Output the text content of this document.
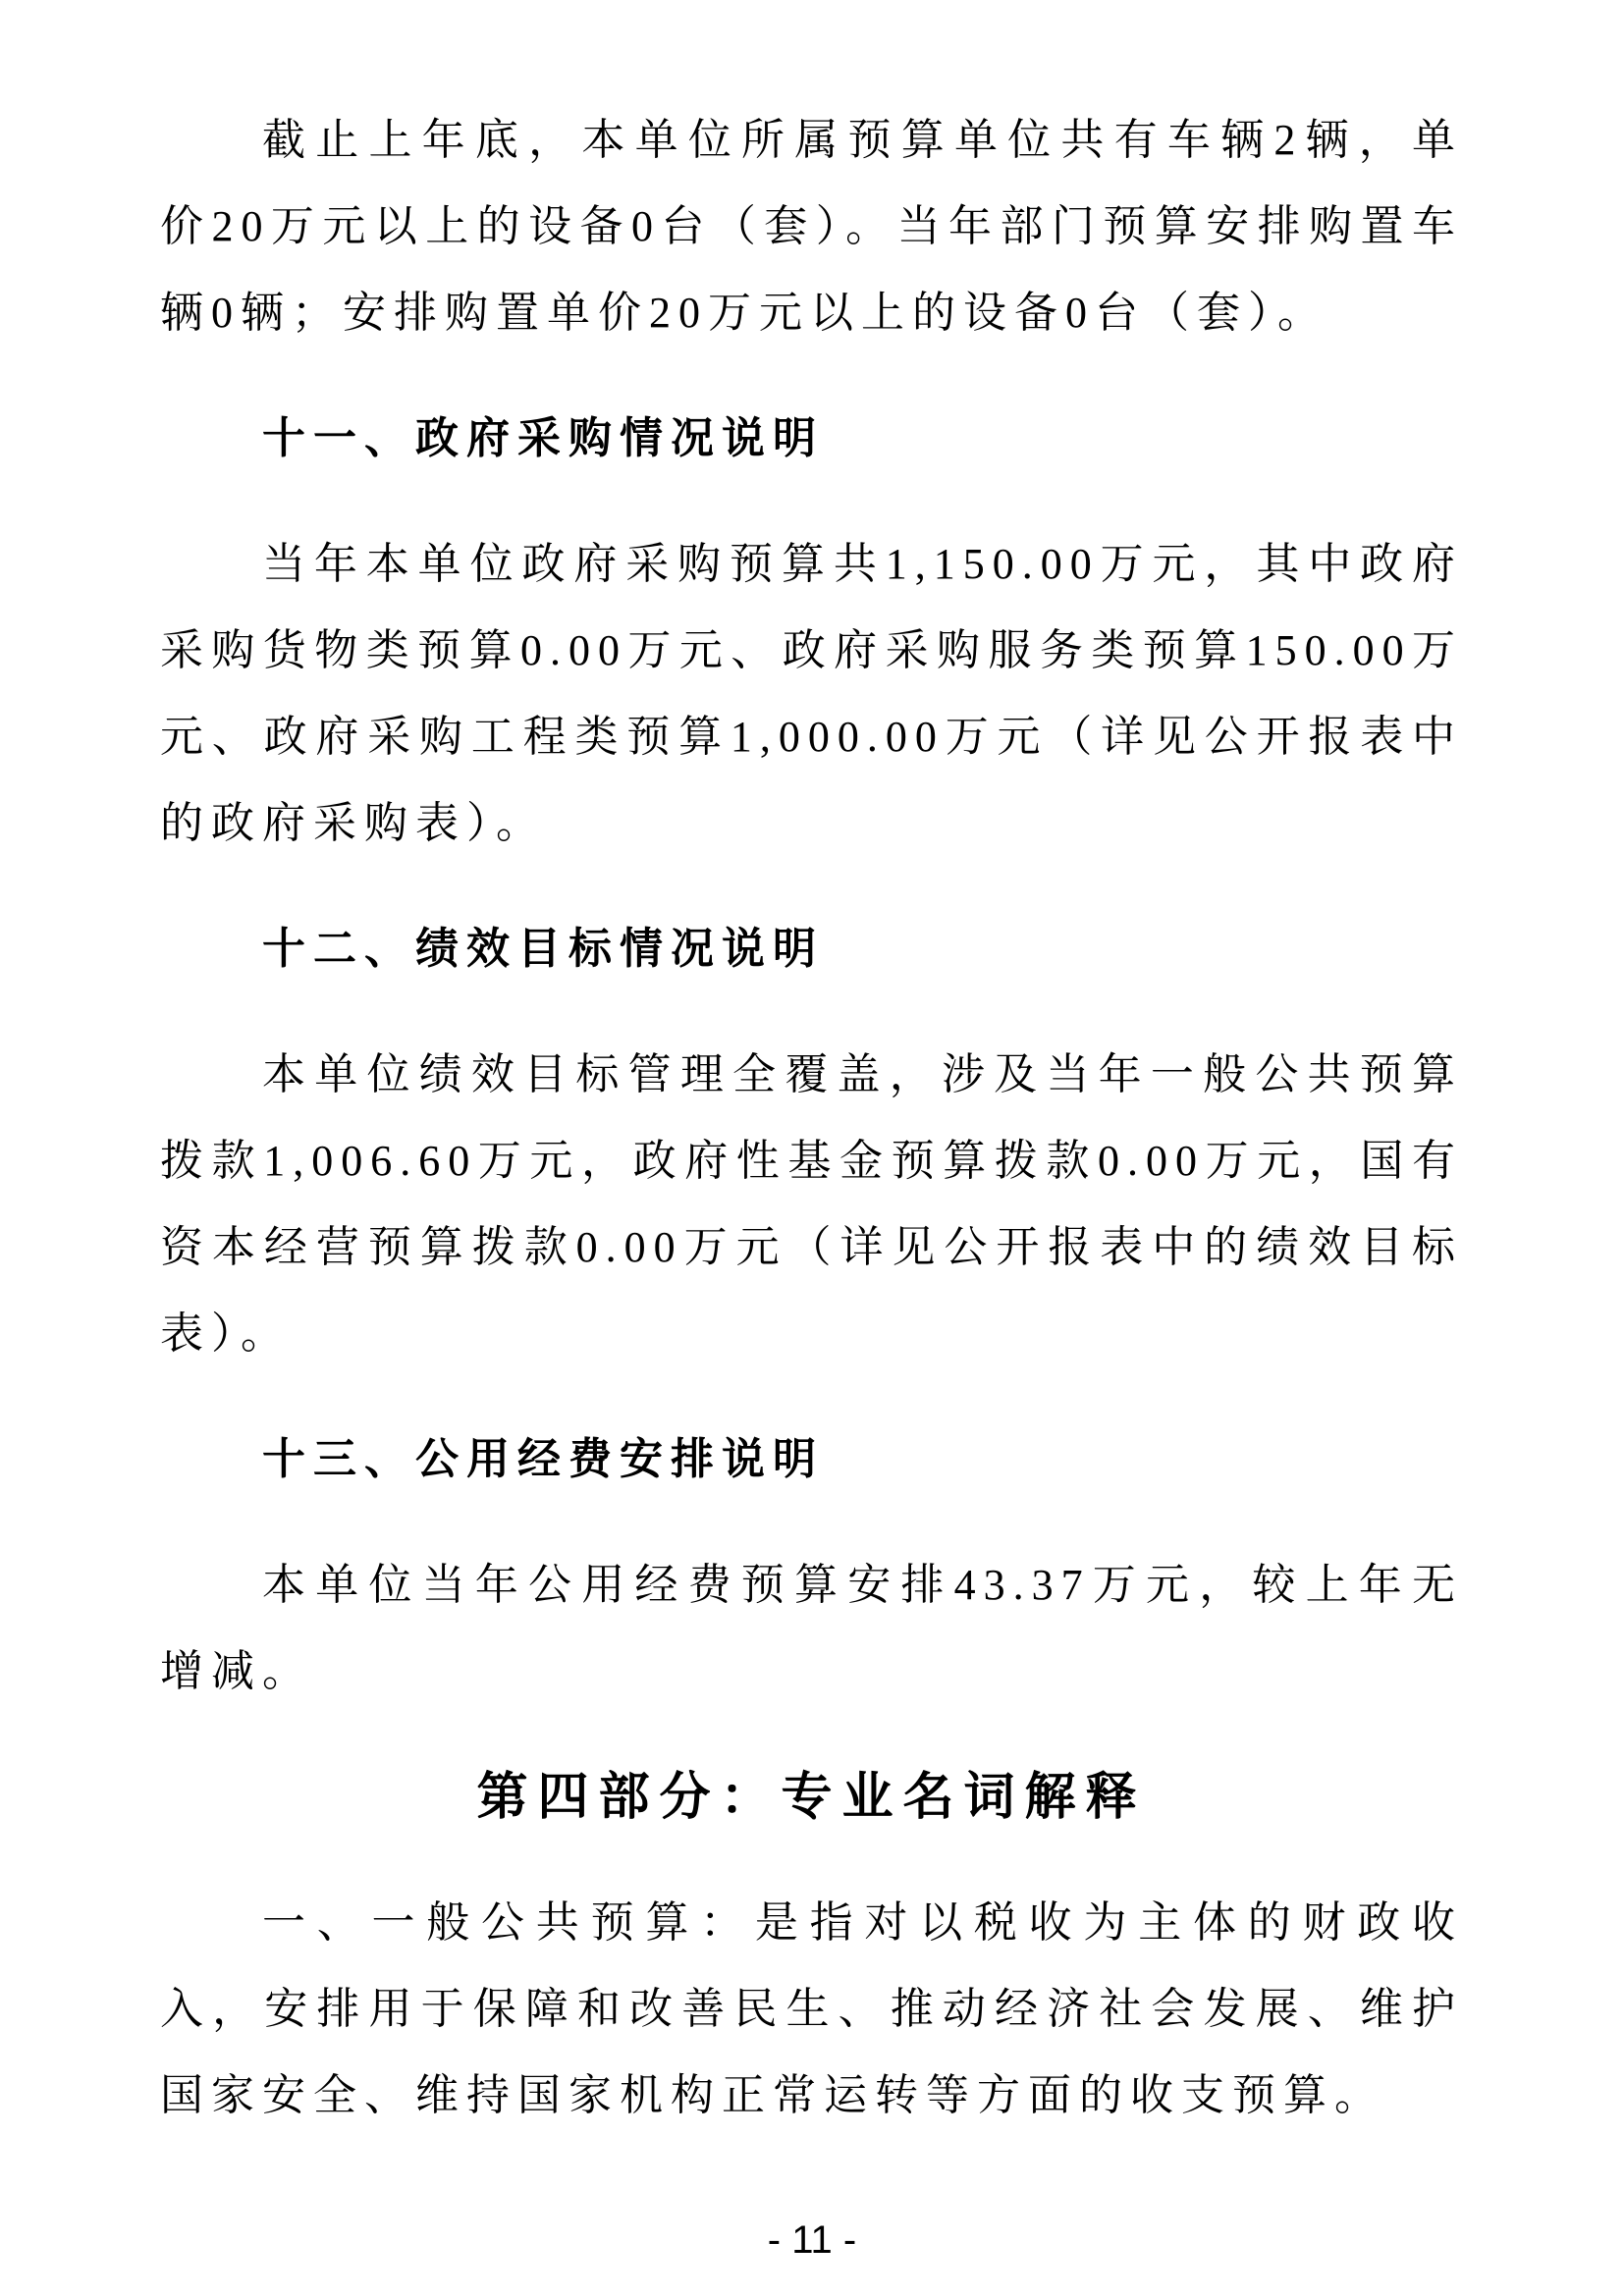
截止上年底，本单位所属预算单位共有车辆2辆，单价20万元以上的设备0台（套）。当年部门预算安排购置车辆0辆；安排购置单价20万元以上的设备0台（套）。

十一、政府采购情况说明

当年本单位政府采购预算共1,150.00万元，其中政府采购货物类预算0.00万元、政府采购服务类预算150.00万元、政府采购工程类预算1,000.00万元（详见公开报表中的政府采购表）。

十二、绩效目标情况说明

本单位绩效目标管理全覆盖，涉及当年一般公共预算拨款1,006.60万元，政府性基金预算拨款0.00万元，国有资本经营预算拨款0.00万元（详见公开报表中的绩效目标表）。

十三、公用经费安排说明

本单位当年公用经费预算安排43.37万元，较上年无增减。

第四部分：专业名词解释

一、一般公共预算：是指对以税收为主体的财政收入，安排用于保障和改善民生、推动经济社会发展、维护国家安全、维持国家机构正常运转等方面的收支预算。

- 11 -
